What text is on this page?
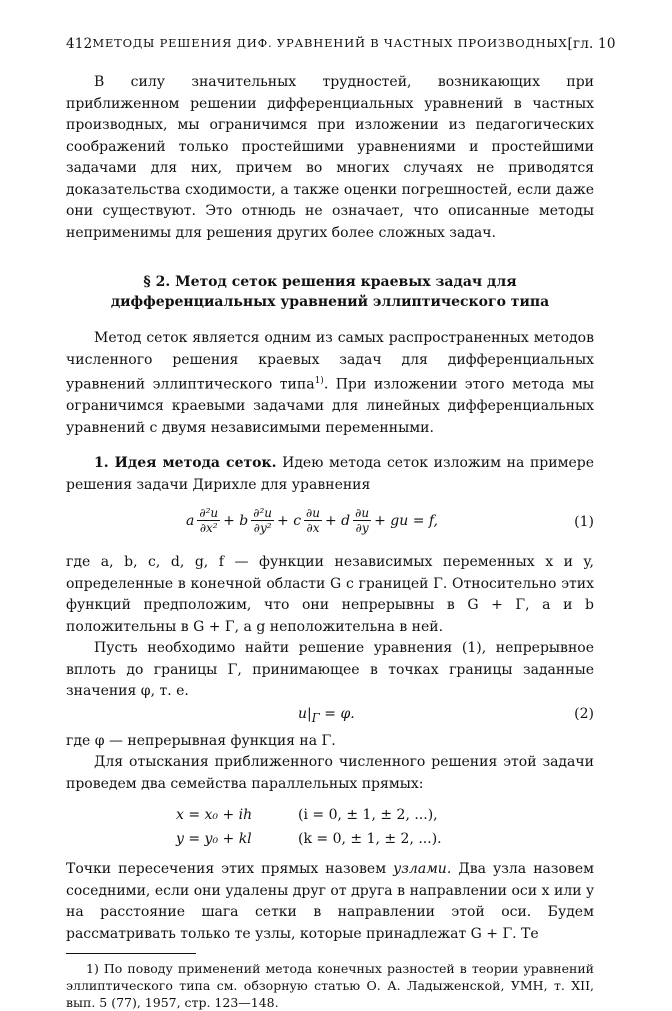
412 МЕТОДЫ РЕШЕНИЯ ДИФ. УРАВНЕНИЙ В ЧАСТНЫХ ПРОИЗВОДНЫХ [гл. 10

В силу значительных трудностей, возникающих при приближенном решении дифференциальных уравнений в частных производных, мы ограничимся при изложении из педагогических соображений только простейшими уравнениями и простейшими задачами для них, причем во многих случаях не приводятся доказательства сходимости, а также оценки погрешностей, если даже они существуют. Это отнюдь не означает, что описанные методы неприменимы для решения других более сложных задач.

§ 2. Метод сеток решения краевых задач для
дифференциальных уравнений эллиптического типа

Метод сеток является одним из самых распространенных методов численного решения краевых задач для дифференциальных уравнений эллиптического типа$^{1)}$. При изложении этого метода мы ограничимся краевыми задачами для линейных дифференциальных уравнений с двумя независимыми переменными.

1. Идея метода сеток. Идею метода сеток изложим на примере решения задачи Дирихле для уравнения

a $\frac{\text{∂²u}}{\text{∂x²}} + b \frac{\text{∂²u}}{\text{∂y²}} + c \frac{\partial u}{\partial x} + d \frac{\partial u}{\partial y}$ + gu = f,	(1)

где a, b, c, d, g, f — функции независимых переменных x и y, определенные в конечной области G с границей Γ. Относительно этих функций предположим, что они непрерывны в G + Γ, a и b положительны в G + Γ, а g неположительна в ней.

Пусть необходимо найти решение уравнения (1), непрерывное вплоть до границы Γ, принимающее в точках границы заданные значения φ, т. е.

$u|_\Gamma = \varphi$.	(2)

где φ — непрерывная функция на Γ.

Для отыскания приближенного численного решения этой задачи проведем два семейства параллельных прямых:

x = x₀ + ih	(i = 0, ± 1, ± 2, ...),
y = y₀ + kl	(k = 0, ± 1, ± 2, ...).

Точки пересечения этих прямых назовем узлами. Два узла назовем соседними, если они удалены друг от друга в направлении оси x или y на расстояние шага сетки в направлении этой оси. Будем рассматривать только те узлы, которые принадлежат G + Γ. Те

1) По поводу применений метода конечных разностей в теории уравнений эллиптического типа см. обзорную статью О. А. Ладыженской, УМН, т. XII, вып. 5 (77), 1957, стр. 123—148.
